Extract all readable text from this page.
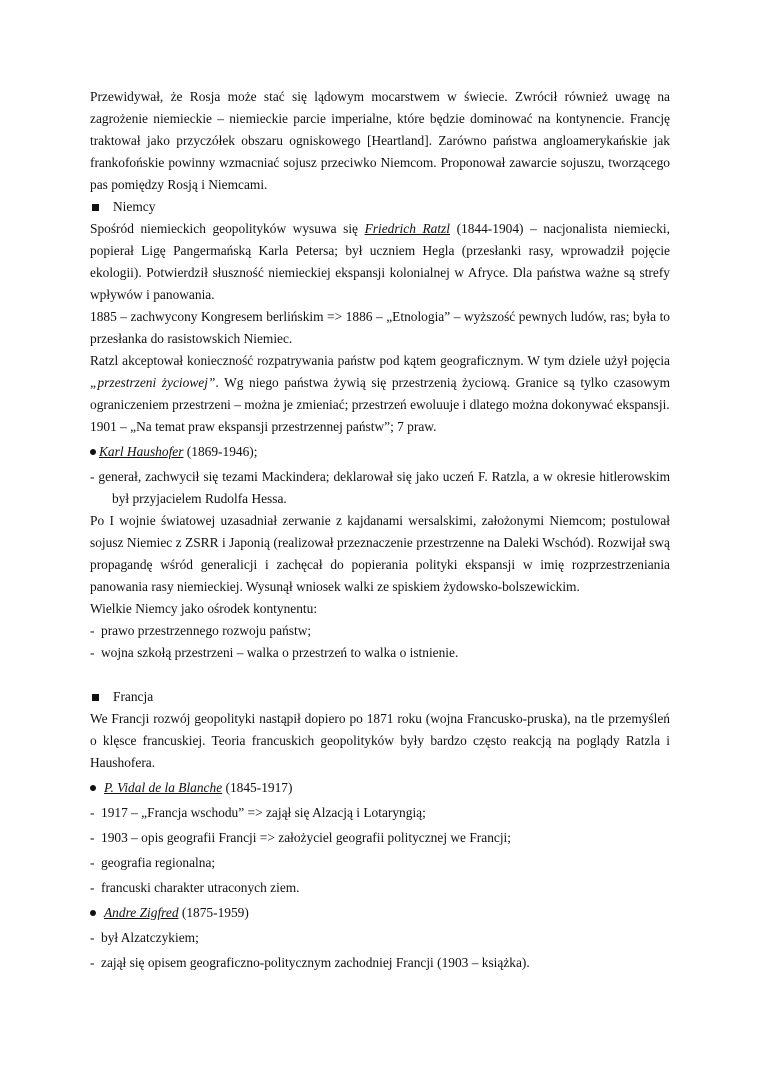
Przewidywał, że Rosja może stać się lądowym mocarstwem w świecie. Zwrócił również uwagę na zagrożenie niemieckie – niemieckie parcie imperialne, które będzie dominować na kontynencie. Francję traktował jako przyczółek obszaru ogniskowego [Heartland]. Zarówno państwa angloamerykańskie jak frankofońskie powinny wzmacniać sojusz przeciwko Niemcom. Proponował zawarcie sojuszu, tworzącego pas pomiędzy Rosją i Niemcami.

Niemcy

Spośród niemieckich geopolityków wysuwa się Friedrich Ratzl (1844-1904) – nacjonalista niemiecki, popierał Ligę Pangermańską Karla Petersa; był uczniem Hegla (przesłanki rasy, wprowadził pojęcie ekologii). Potwierdził słuszność niemieckiej ekspansji kolonialnej w Afryce. Dla państwa ważne są strefy wpływów i panowania.

1885 – zachwycony Kongresem berlińskim => 1886 – „Etnologia” – wyższość pewnych ludów, ras; była to przesłanka do rasistowskich Niemiec.

Ratzl akceptował konieczność rozpatrywania państw pod kątem geograficznym. W tym dziele użył pojęcia „przestrzeni życiowej”. Wg niego państwa żywią się przestrzenią życiową. Granice są tylko czasowym ograniczeniem przestrzeni – można je zmieniać; przestrzeń ewoluuje i dlatego można dokonywać ekspansji.

1901 – „Na temat praw ekspansji przestrzennej państw”; 7 praw.

Karl Haushofer (1869-1946);

- generał, zachwycił się tezami Mackindera; deklarował się jako uczeń F. Ratzla, a w okresie hitlerowskim był przyjacielem Rudolfa Hessa.

Po I wojnie światowej uzasadniał zerwanie z kajdanami wersalskimi, założonymi Niemcom; postulował sojusz Niemiec z ZSRR i Japonią (realizował przeznaczenie przestrzenne na Daleki Wschód). Rozwijał swą propagandę wśród generalicji i zachęcał do popierania polityki ekspansji w imię rozprzestrzeniania panowania rasy niemieckiej. Wysunął wniosek walki ze spiskiem żydowsko-bolszewickim.

Wielkie Niemcy jako ośrodek kontynentu:

- prawo przestrzennego rozwoju państw;
- wojna szkołą przestrzeni – walka o przestrzeń to walka o istnienie.
Francja

We Francji rozwój geopolityki nastąpił dopiero po 1871 roku (wojna Francusko-pruska), na tle przemyśleń o klęsce francuskiej. Teoria francuskich geopolityków były bardzo często reakcją na poglądy Ratzla i Haushofera.

P. Vidal de la Blanche (1845-1917)
- 1917 – „Francja wschodu” => zajął się Alzacją i Lotaryngią;
- 1903 – opis geografii Francji => założyciel geografii politycznej we Francji;
- geografia regionalna;
- francuski charakter utraconych ziem.
Andre Zigfred (1875-1959)
- był Alzatczykiem;
- zajął się opisem geograficzno-politycznym zachodniej Francji (1903 – książka).
